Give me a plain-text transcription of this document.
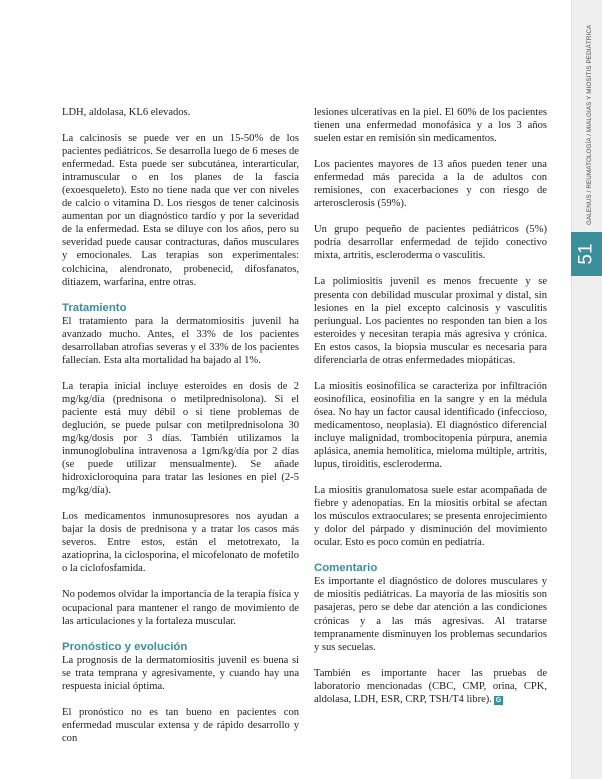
LDH, aldolasa, KL6 elevados.

La calcinosis se puede ver en un 15-50% de los pacientes pediátricos. Se desarrolla luego de 6 meses de enfermedad. Esta puede ser subcutánea, interarticular, intramuscular o en los planes de la fascia (exoesqueleto). Esto no tiene nada que ver con niveles de calcio o vitamina D. Los riesgos de tener calcinosis aumentan por un diagnóstico tardío y por la severidad de la enfermedad. Esta se diluye con los años, pero su severidad puede causar contracturas, daños musculares y emocionales. Las terapias son experimentales: colchicina, alendronato, probenecid, difosfanatos, ditiazem, warfarina, entre otras.

Tratamiento

El tratamiento para la dermatomiositis juvenil ha avanzado mucho. Antes, el 33% de los pacientes desarrollaban atrofias severas y el 33% de los pacientes fallecían. Esta alta mortalidad ha bajado al 1%.

La terapia inicial incluye esteroides en dosis de 2 mg/kg/día (prednisona o metilprednisolona). Si el paciente está muy débil o si tiene problemas de deglución, se puede pulsar con metilprednisolona 30 mg/kg/dosis por 3 días. También utilizamos la inmunoglobulina intravenosa a 1gm/kg/día por 2 días (se puede utilizar mensualmente). Se añade hidroxicloroquina para tratar las lesiones en piel (2-5 mg/kg/día).

Los medicamentos inmunosupresores nos ayudan a bajar la dosis de prednisona y a tratar los casos más severos. Entre estos, están el metotrexato, la azatioprina, la ciclosporina, el micofelonato de mofetilo o la ciclofosfamida.

No podemos olvidar la importancia de la terapia física y ocupacional para mantener el rango de movimiento de las articulaciones y la fortaleza muscular.

Pronóstico y evolución

La prognosis de la dermatomiositis juvenil es buena si se trata temprana y agresivamente, y cuando hay una respuesta inicial óptima.

El pronóstico no es tan bueno en pacientes con enfermedad muscular extensa y de rápido desarrollo y con

lesiones ulcerativas en la piel. El 60% de los pacientes tienen una enfermedad monofásica y a los 3 años suelen estar en remisión sin medicamentos.

Los pacientes mayores de 13 años pueden tener una enfermedad más parecida a la de adultos con remisiones, con exacerbaciones y con riesgo de arterosclerosis (59%).

Un grupo pequeño de pacientes pediátricos (5%) podría desarrollar enfermedad de tejido conectivo mixta, artritis, escleroderma o vasculitis.

La polimiositis juvenil es menos frecuente y se presenta con debilidad muscular proximal y distal, sin lesiones en la piel excepto calcinosis y vasculitis periungual. Los pacientes no responden tan bien a los esteroides y necesitan terapia más agresiva y crónica. En estos casos, la biopsia muscular es necesaria para diferenciarla de otras enfermedades miopáticas.

La miositis eosinofílica se caracteriza por infiltración eosinofílica, eosinofilia en la sangre y en la médula ósea. No hay un factor causal identificado (infeccioso, medicamentoso, neoplasia). El diagnóstico diferencial incluye malignidad, trombocitopenia púrpura, anemia aplásica, anemia hemolítica, mieloma múltiple, artritis, lupus, tiroiditis, escleroderma.

La miositis granulomatosa suele estar acompañada de fiebre y adenopatías. En la miositis orbital se afectan los músculos extraoculares; se presenta enrojecimiento y dolor del párpado y disminución del movimiento ocular. Esto es poco común en pediatría.

Comentario

Es importante el diagnóstico de dolores musculares y de miositis pediátricas. La mayoría de las miositis son pasajeras, pero se debe dar atención a las condiciones crónicas y a las más agresivas. Al tratarse tempranamente disminuyen los problemas secundarios y sus secuelas.

También es importante hacer las pruebas de laboratorio mencionadas (CBC, CMP, orina, CPK, aldolasa, LDH, ESR, CRP, TSH/T4 libre). G

51
GALENUS / REUMATOLOGÍA / MIALGIAS Y MIOSITIS PEDIÁTRICA
